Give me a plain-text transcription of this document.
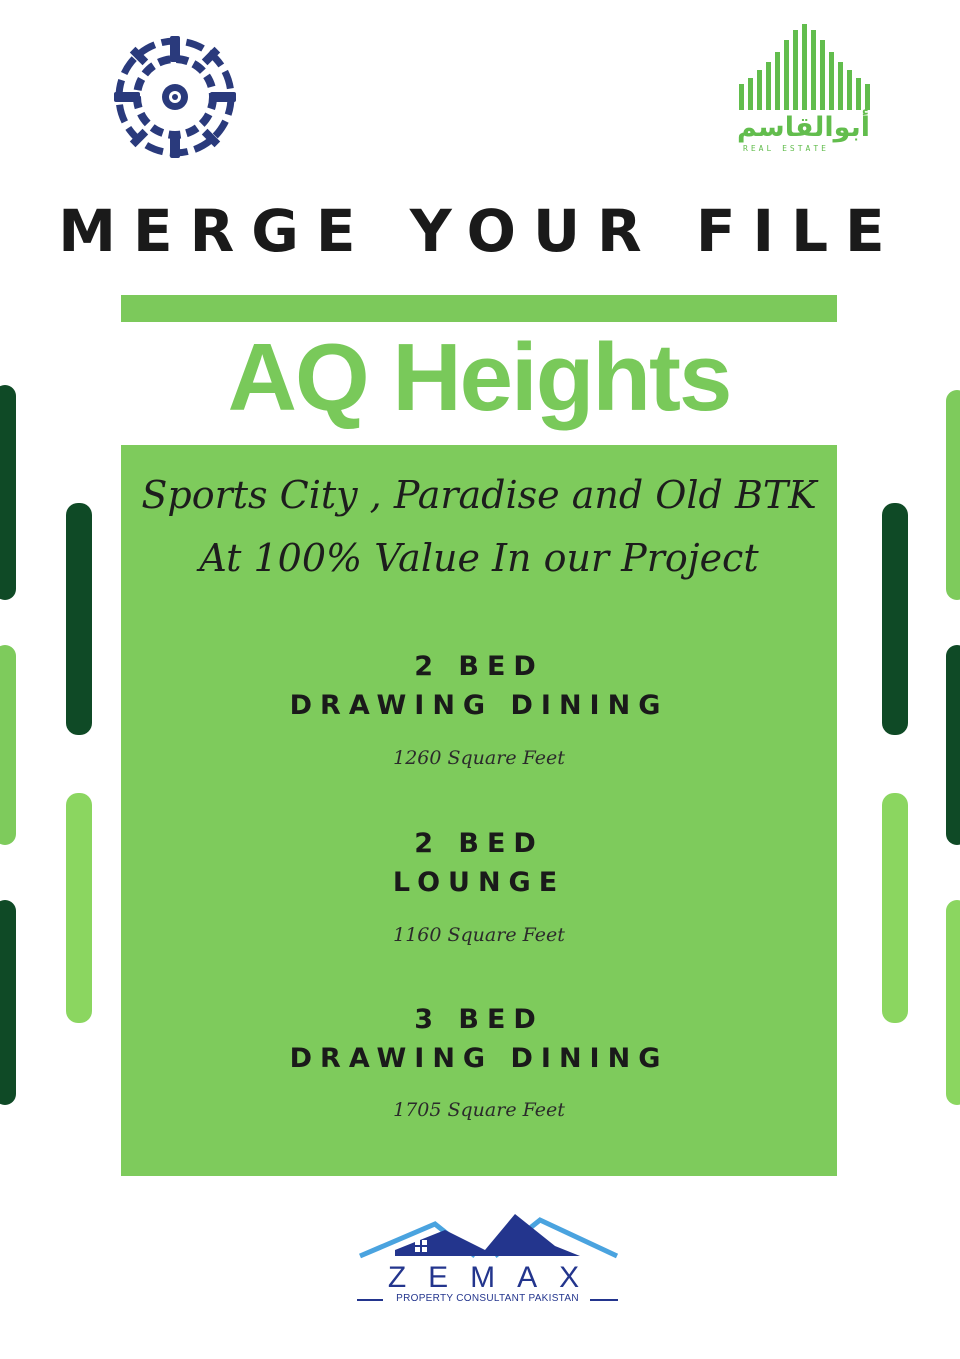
أبوالقاسم
REAL ESTATE
MERGE YOUR FILE
AQ Heights
Sports City , Paradise and Old BTK
At 100% Value In our Project
2 BED
DRAWING DINING
1260 Square Feet
2 BED
LOUNGE
1160 Square Feet
3 BED
DRAWING DINING
1705 Square Feet
ZEMAX
PROPERTY CONSULTANT PAKISTAN
